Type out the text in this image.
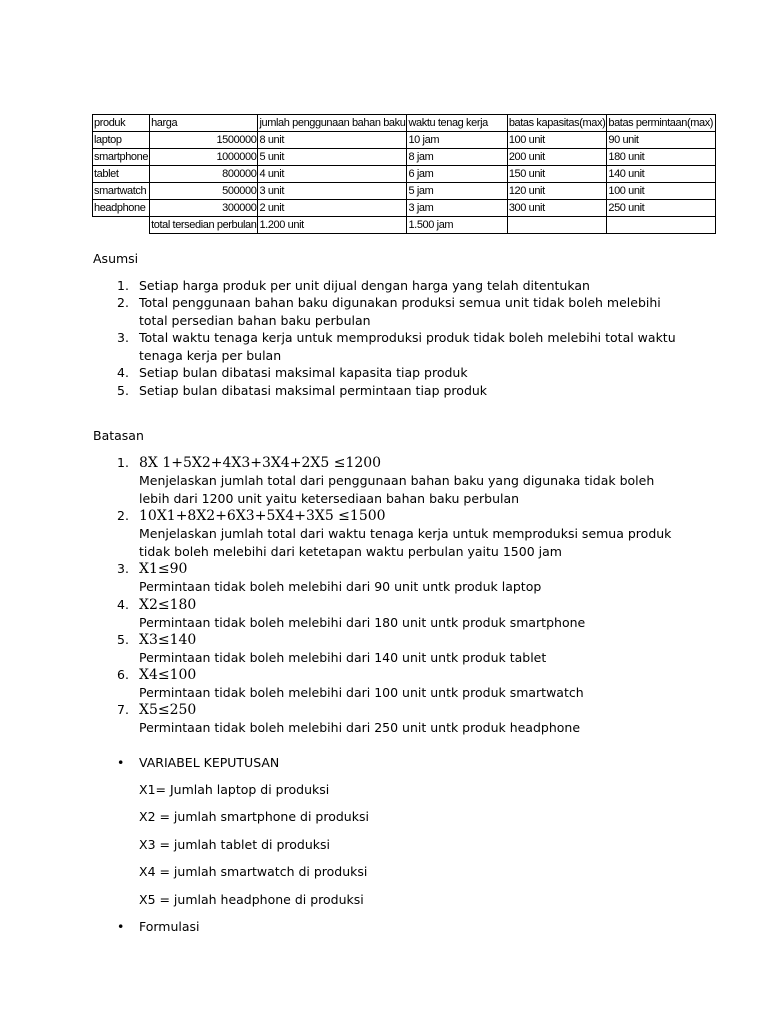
produk	harga	jumlah penggunaan bahan baku	waktu tenag kerja	batas kapasitas(max)	batas permintaan(max)
laptop	1500000	8 unit	10 jam	100 unit	90 unit
smartphone	1000000	5 unit	8 jam	200 unit	180 unit
tablet	800000	4 unit	6 jam	150 unit	140 unit
smartwatch	500000	3 unit	5 jam	120 unit	100 unit
headphone	300000	2 unit	3 jam	300 unit	250 unit
	total tersedian perbulan	1.200 unit	1.500 jam		
Asumsi
1. Setiap harga produk per unit dijual dengan harga yang telah ditentukan
2. Total penggunaan bahan baku digunakan produksi semua unit tidak boleh melebihi total persedian bahan baku perbulan
3. Total waktu tenaga kerja untuk memproduksi produk tidak boleh melebihi total waktu tenaga kerja per bulan
4. Setiap bulan dibatasi maksimal kapasita tiap produk
5. Setiap bulan dibatasi maksimal permintaan tiap produk
Batasan
1. 8X 1+5X2+4X3+3X4+2X5 ≤1200
Menjelaskan jumlah total dari penggunaan bahan baku yang digunaka tidak boleh lebih dari 1200 unit yaitu ketersediaan bahan baku perbulan
2. 10X1+8X2+6X3+5X4+3X5 ≤1500
Menjelaskan jumlah total dari waktu tenaga kerja untuk memproduksi semua produk tidak boleh melebihi dari ketetapan waktu perbulan yaitu 1500 jam
3. X1≤90
Permintaan tidak boleh melebihi dari 90 unit untk produk laptop
4. X2≤180
Permintaan tidak boleh melebihi dari 180 unit untk produk smartphone
5. X3≤140
Permintaan tidak boleh melebihi dari 140 unit untk produk tablet
6. X4≤100
Permintaan tidak boleh melebihi dari 100 unit untk produk smartwatch
7. X5≤250
Permintaan tidak boleh melebihi dari 250 unit untk produk headphone
• VARIABEL KEPUTUSAN
X1= Jumlah laptop di produksi
X2 = jumlah smartphone di produksi
X3 = jumlah tablet di produksi
X4 = jumlah smartwatch di produksi
X5 = jumlah headphone di produksi
• Formulasi
